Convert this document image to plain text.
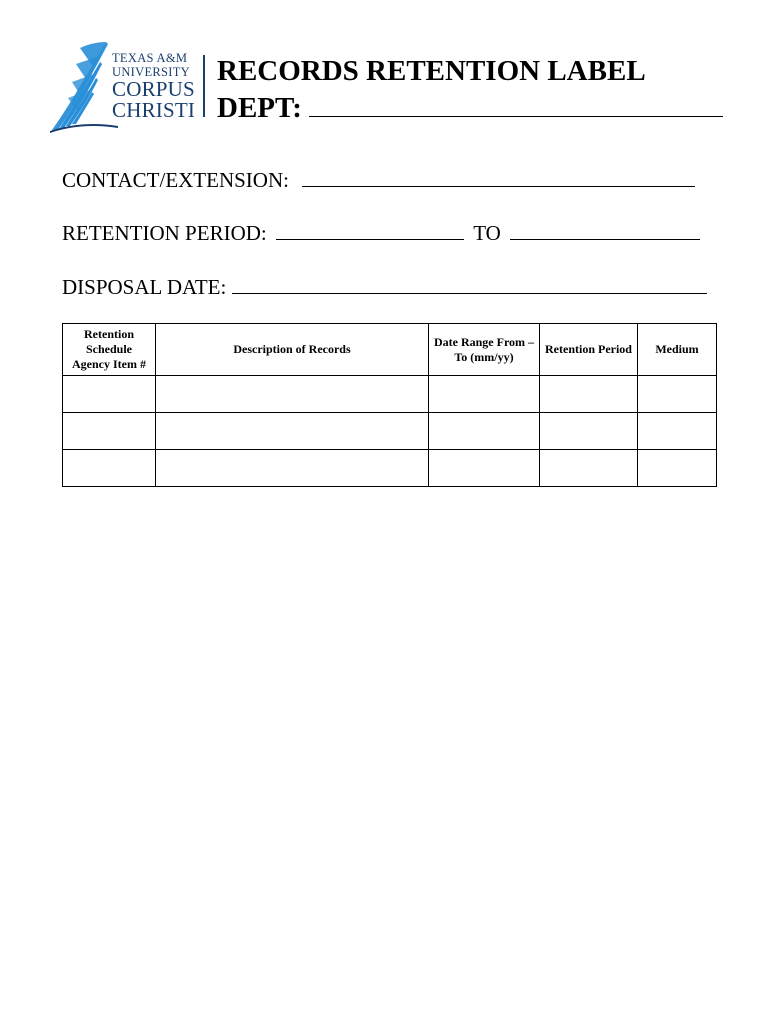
TEXAS A&M
UNIVERSITY
CORPUS
CHRISTI
RECORDS RETENTION LABEL
DEPT:
CONTACT/EXTENSION:
RETENTION PERIOD:	TO
DISPOSAL DATE:
Retention Schedule Agency Item #	Description of Records	Date Range From –To (mm/yy)	Retention Period	Medium
